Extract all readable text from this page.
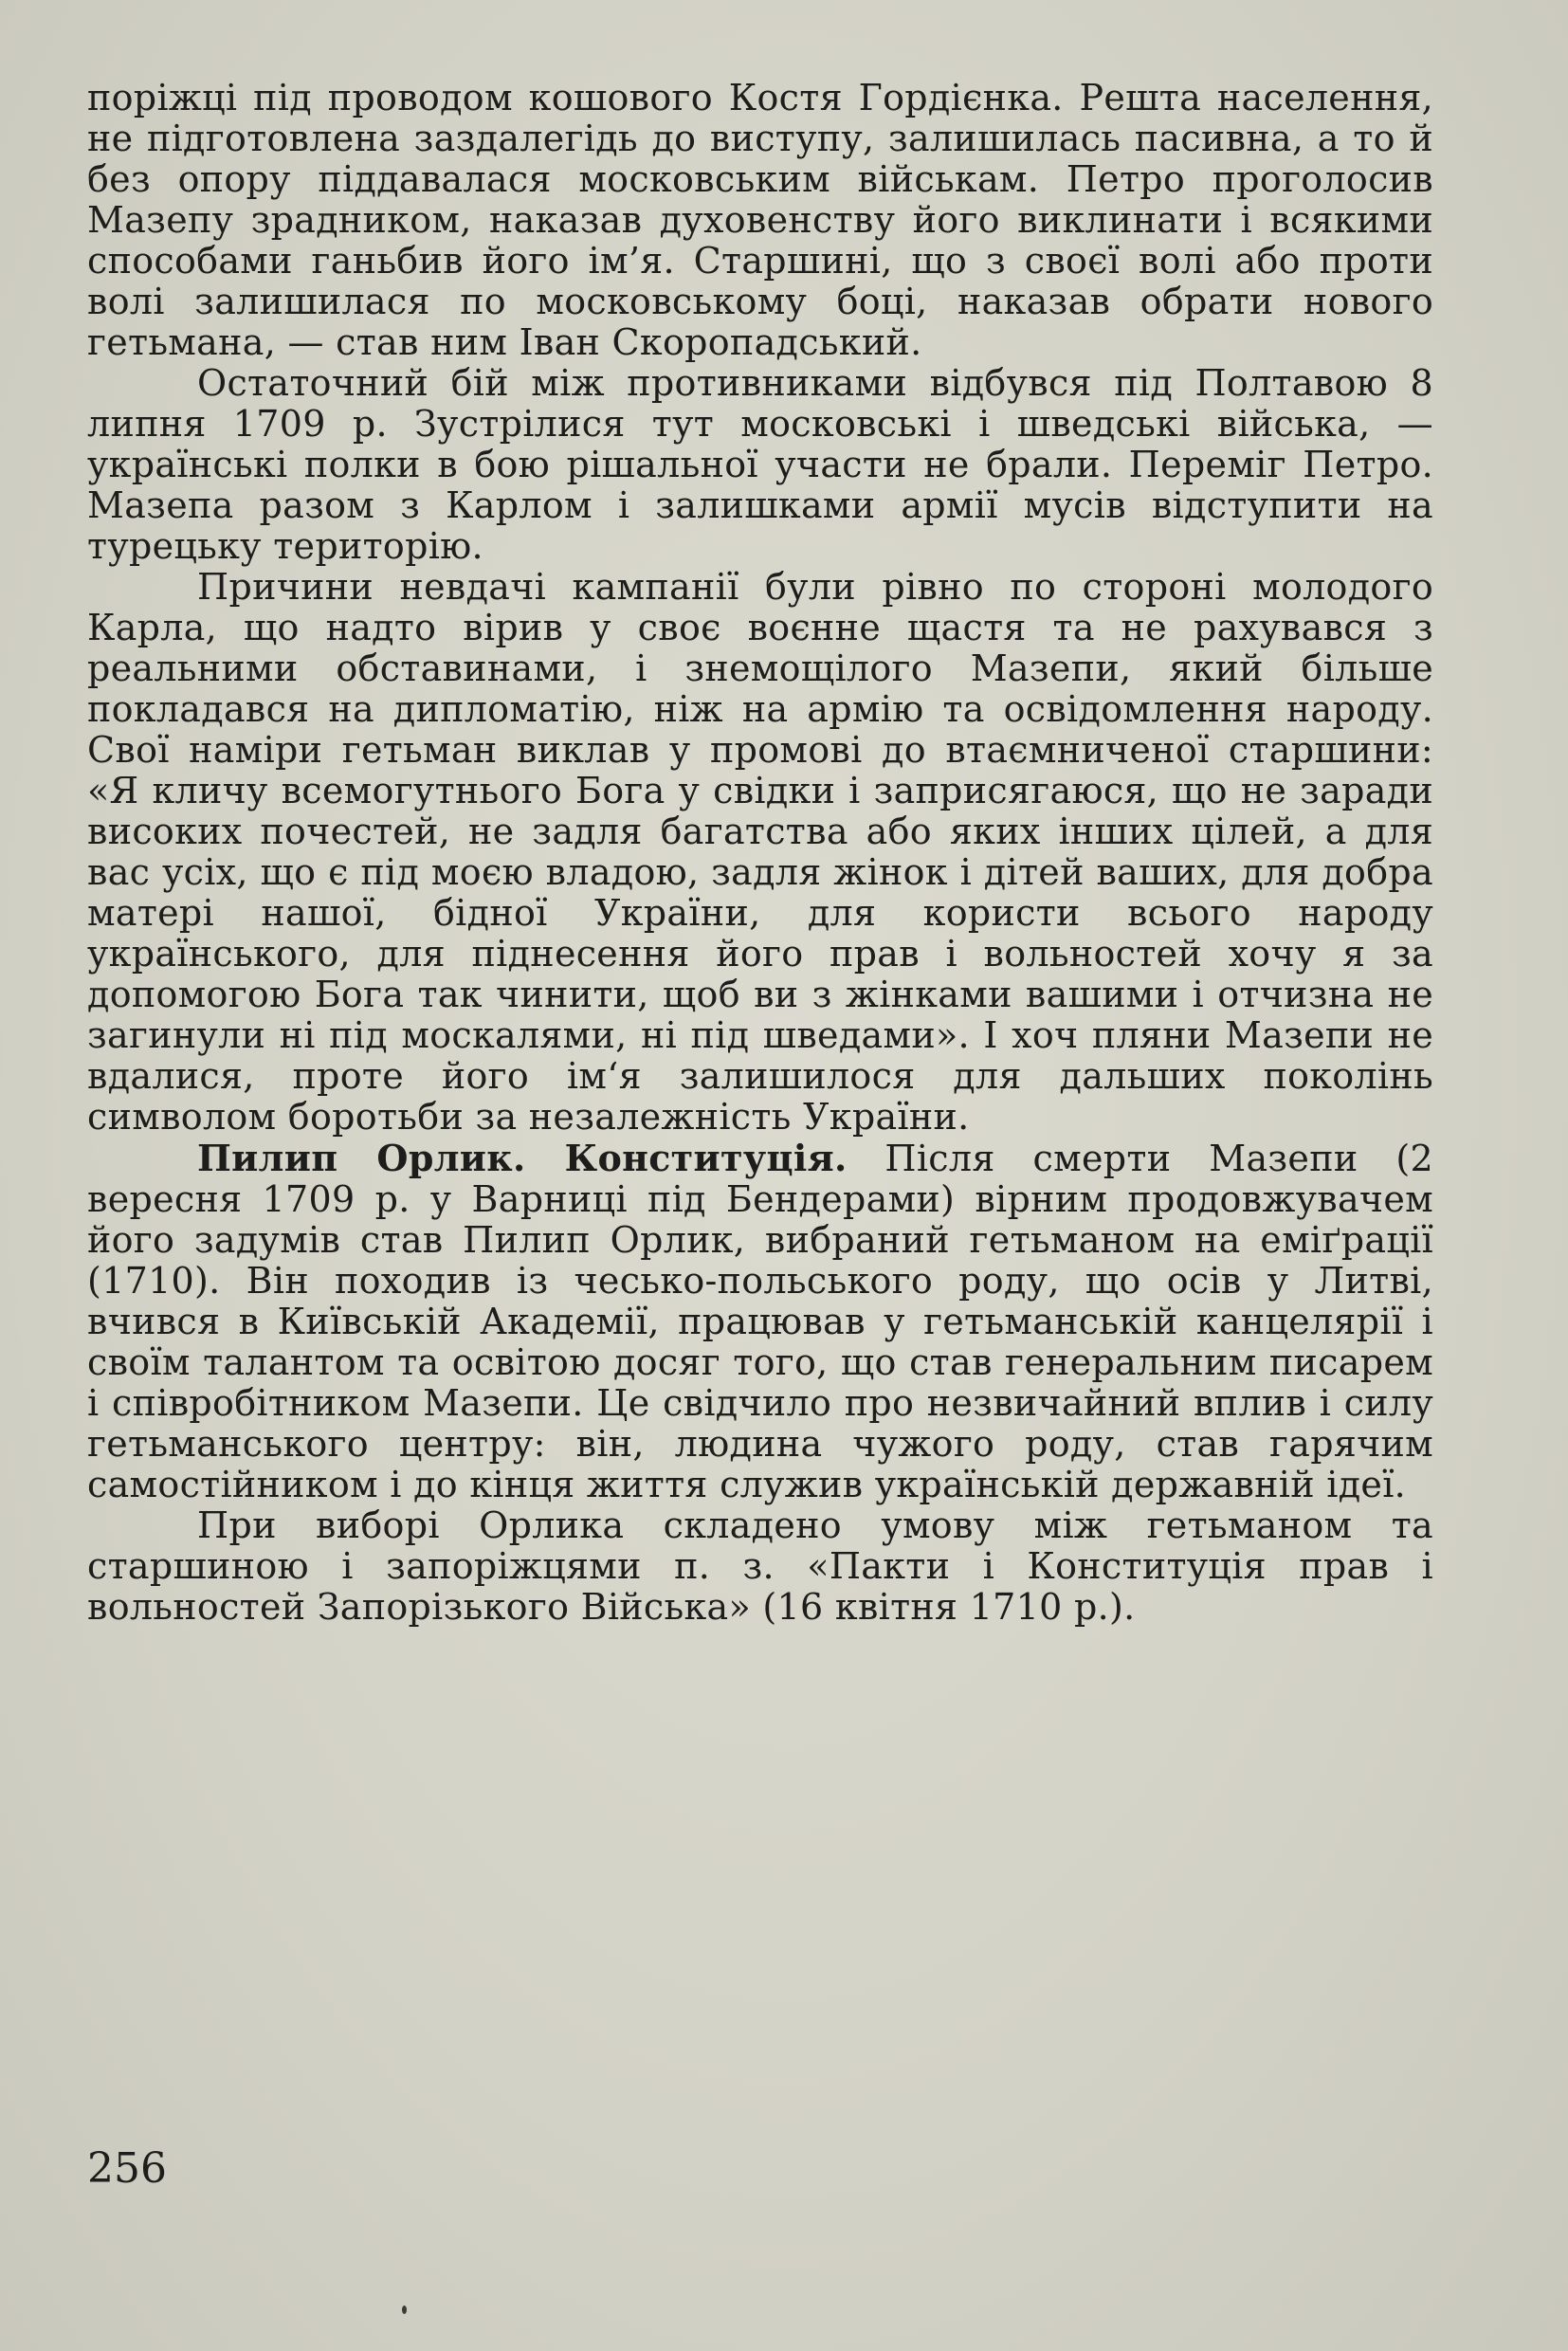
поріжці під проводом кошового Костя Гордієнка. Решта населення, не підготовлена заздалегідь до виступу, залишилась пасивна, а то й без опору піддавалася московським військам. Петро проголосив Мазепу зрадником, наказав духовенству його виклинати і всякими способами ганьбив його ім’я. Старшині, що з своєї волі або проти волі залишилася по московському боці, наказав обрати нового гетьмана, — став ним Іван Скоропадський.

Остаточний бій між противниками відбувся під Полтавою 8 липня 1709 р. Зустрілися тут московські і шведські війська, — українські полки в бою рішальної участи не брали. Переміг Петро. Мазепа разом з Карлом і залишками армії мусів відступити на турецьку територію.

Причини невдачі кампанії були рівно по стороні молодого Карла, що надто вірив у своє воєнне щастя та не рахувався з реальними обставинами, і знемощілого Мазепи, який більше покладався на дипломатію, ніж на армію та освідомлення народу. Свої наміри гетьман виклав у промові до втаємниченої старшини: «Я кличу всемогутнього Бога у свідки і заприсягаюся, що не заради високих почестей, не задля багатства або яких інших цілей, а для вас усіх, що є під моєю владою, задля жінок і дітей ваших, для добра матері нашої, бідної України, для користи всього народу українського, для піднесення його прав і вольностей хочу я за допомогою Бога так чинити, щоб ви з жінками вашими і отчизна не загинули ні під москалями, ні під шведами». І хоч пляни Мазепи не вдалися, проте його ім‘я залишилося для дальших поколінь символом боротьби за незалежність України.

Пилип Орлик. Конституція. Після смерти Мазепи (2 вересня 1709 р. у Варниці під Бендерами) вірним продовжувачем його задумів став Пилип Орлик, вибраний гетьманом на еміґрації (1710). Він походив із чесько-польського роду, що осів у Литві, вчився в Київській Академії, працював у гетьманській канцелярії і своїм талантом та освітою досяг того, що став генеральним писарем і співробітником Мазепи. Це свідчило про незвичайний вплив і силу гетьманського центру: він, людина чужого роду, став гарячим самостійником і до кінця життя служив українській державній ідеї.

При виборі Орлика складено умову між гетьманом та старшиною і запоріжцями п. з. «Пакти і Конституція прав і вольностей Запорізького Війська» (16 квітня 1710 р.).

256
